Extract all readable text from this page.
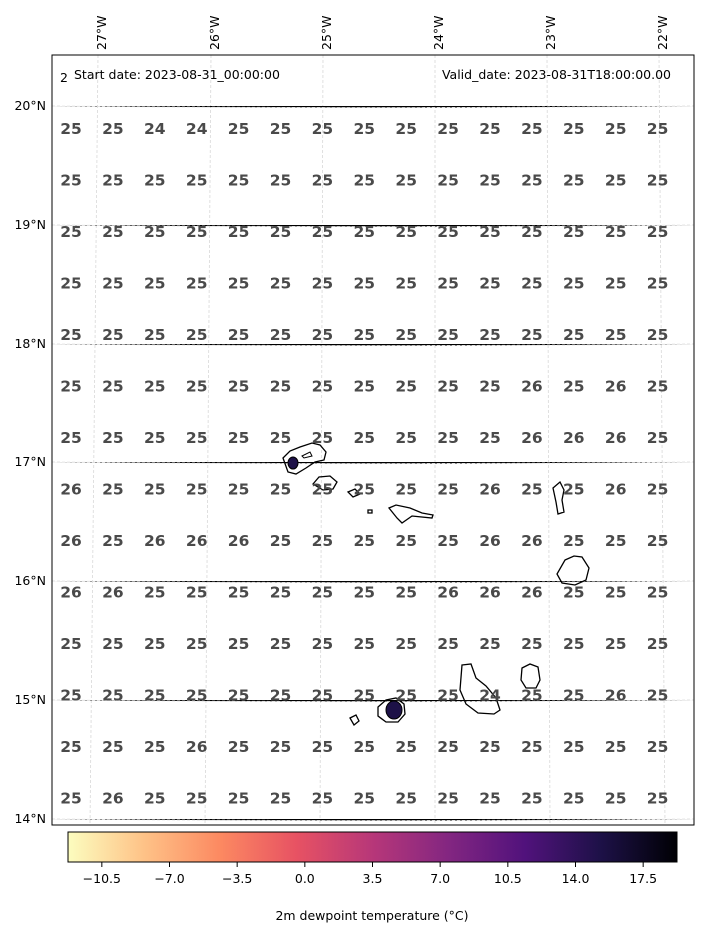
25 25 24 24 25 25 25 25 25 25 25 25 25 25 25
25 25 25 25 25 25 25 25 25 25 25 25 25 25 25
25 25 25 25 25 25 25 25 25 25 25 25 25 25 25
25 25 25 25 25 25 25 25 25 25 25 25 25 25 25
25 25 25 25 25 25 25 25 25 25 25 25 25 25 25
25 25 25 25 25 25 25 25 25 25 25 26 25 26 25
25 25 25 25 25 25 25 25 25 25 25 26 26 26 25
26 25 25 25 25 25 25 25 25 25 26 25 25 26 25
26 25 26 26 26 25 25 25 25 25 26 26 25 25 25
26 26 25 25 25 25 25 25 25 26 26 26 25 25 25
25 25 25 25 25 25 25 25 25 25 25 25 25 25 25
25 25 25 25 25 25 25 25 25 25 24 25 25 26 25
25 25 25 26 25 25 25 25 25 25 25 25 25 25 25
25 26 25 25 25 25 25 25 25 25 25 25 25 25 25
2 Start date: 2023-08-31_00:00:00	Valid_date: 2023-08-31T18:00:00.00
27°W	26°W	25°W	24°W	23°W	22°W
20°N
19°N
18°N
17°N
16°N
15°N
14°N
−10.5	−7.0	−3.5	0.0	3.5	7.0	10.5	14.0	17.5
2m dewpoint temperature (°C)
